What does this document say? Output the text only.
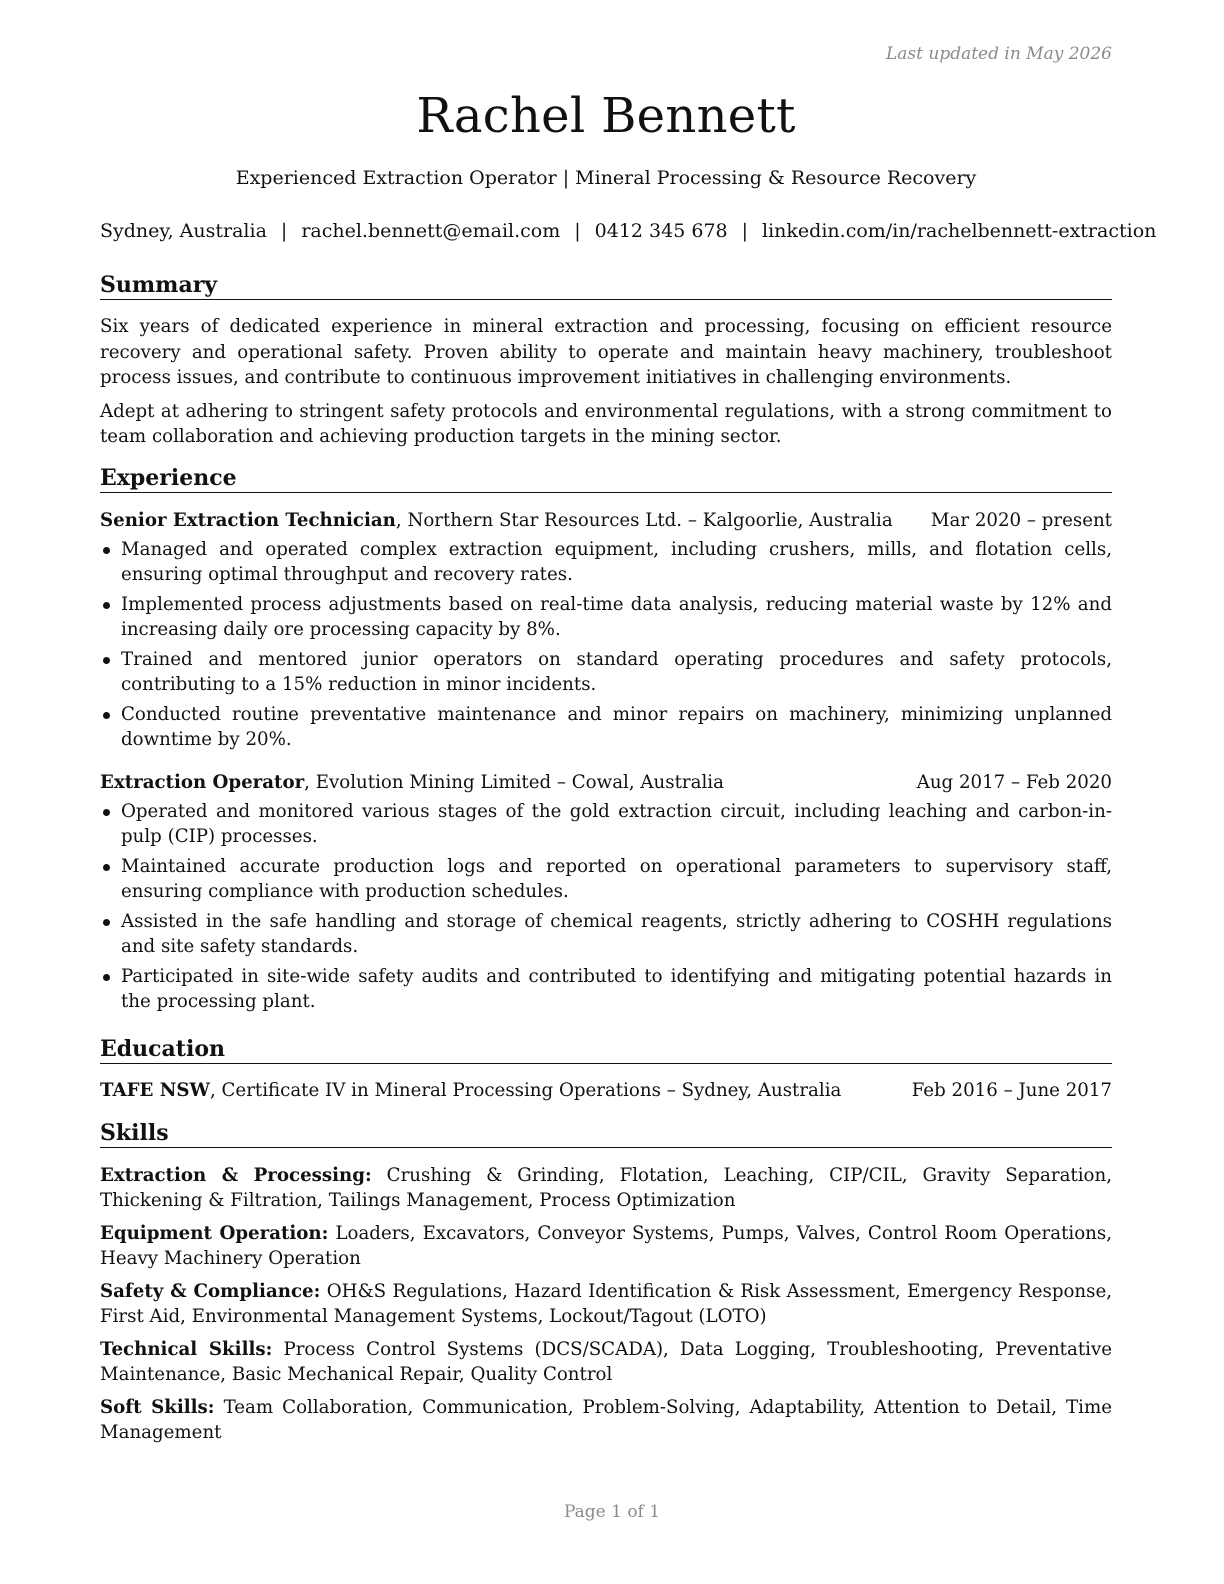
Last updated in May 2026
Rachel Bennett
Experienced Extraction Operator | Mineral Processing & Resource Recovery
Sydney, Australia | rachel.bennett@email.com | 0412 345 678 | linkedin.com/in/rachelbennett-extraction
Summary
Six years of dedicated experience in mineral extraction and processing, focusing on efficient resource recovery and operational safety. Proven ability to operate and maintain heavy machinery, troubleshoot process issues, and contribute to continuous improvement initiatives in challenging environments.
Adept at adhering to stringent safety protocols and environmental regulations, with a strong commitment to team collaboration and achieving production targets in the mining sector.
Experience
Senior Extraction Technician, Northern Star Resources Ltd. – Kalgoorlie, Australia Mar 2020 – present
Managed and operated complex extraction equipment, including crushers, mills, and flotation cells, ensuring optimal throughput and recovery rates.
Implemented process adjustments based on real-time data analysis, reducing material waste by 12% and increasing daily ore processing capacity by 8%.
Trained and mentored junior operators on standard operating procedures and safety protocols, contributing to a 15% reduction in minor incidents.
Conducted routine preventative maintenance and minor repairs on machinery, minimizing unplanned downtime by 20%.
Extraction Operator, Evolution Mining Limited – Cowal, Australia	Aug 2017 – Feb 2020
Operated and monitored various stages of the gold extraction circuit, including leaching and carbon-in-pulp (CIP) processes.
Maintained accurate production logs and reported on operational parameters to supervisory staff, ensuring compliance with production schedules.
Assisted in the safe handling and storage of chemical reagents, strictly adhering to COSHH regulations and site safety standards.
Participated in site-wide safety audits and contributed to identifying and mitigating potential hazards in the processing plant.
Education
TAFE NSW, Certificate IV in Mineral Processing Operations – Sydney, Australia	Feb 2016 – June 2017
Skills
Extraction & Processing: Crushing & Grinding, Flotation, Leaching, CIP/CIL, Gravity Separation, Thickening & Filtration, Tailings Management, Process Optimization
Equipment Operation: Loaders, Excavators, Conveyor Systems, Pumps, Valves, Control Room Operations, Heavy Machinery Operation
Safety & Compliance: OH&S Regulations, Hazard Identification & Risk Assessment, Emergency Response, First Aid, Environmental Management Systems, Lockout/Tagout (LOTO)
Technical Skills: Process Control Systems (DCS/SCADA), Data Logging, Troubleshooting, Preventative Maintenance, Basic Mechanical Repair, Quality Control
Soft Skills: Team Collaboration, Communication, Problem-Solving, Adaptability, Attention to Detail, Time Management
Page 1 of 1
